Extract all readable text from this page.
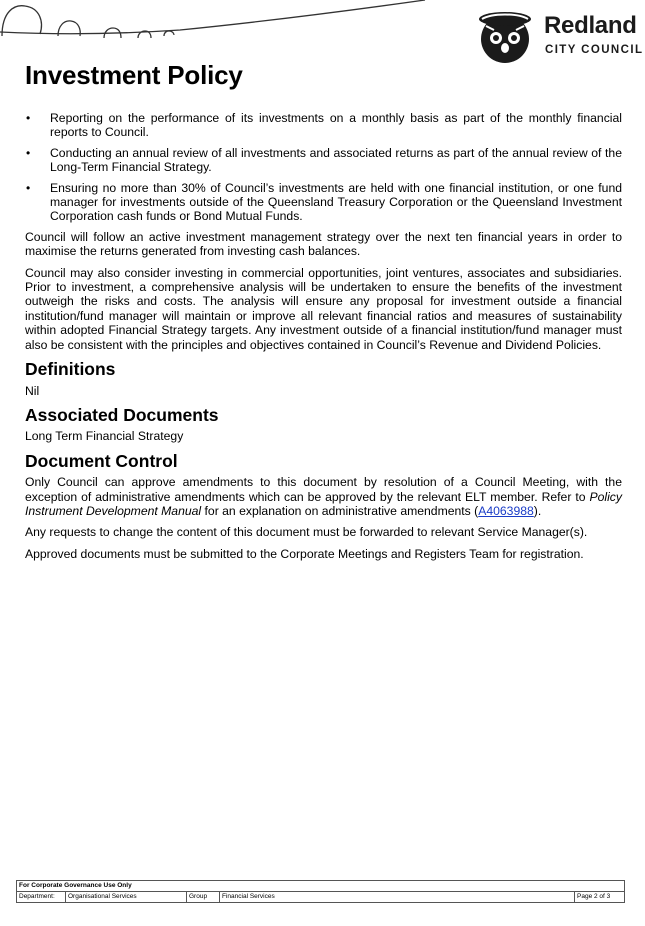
Redland
CITY COUNCIL
Investment Policy
• Reporting on the performance of its investments on a monthly basis as part of the monthly financial reports to Council.
• Conducting an annual review of all investments and associated returns as part of the annual review of the Long-Term Financial Strategy.
• Ensuring no more than 30% of Council’s investments are held with one financial institution, or one fund manager for investments outside of the Queensland Treasury Corporation or the Queensland Investment Corporation cash funds or Bond Mutual Funds.

Council will follow an active investment management strategy over the next ten financial years in order to maximise the returns generated from investing cash balances.

Council may also consider investing in commercial opportunities, joint ventures, associates and subsidiaries. Prior to investment, a comprehensive analysis will be undertaken to ensure the benefits of the investment outweigh the risks and costs. The analysis will ensure any proposal for investment outside a financial institution/fund manager will maintain or improve all relevant financial ratios and measures of sustainability within adopted Financial Strategy targets. Any investment outside of a financial institution/fund manager must also be consistent with the principles and objectives contained in Council’s Revenue and Dividend Policies.

Definitions

Nil

Associated Documents

Long Term Financial Strategy

Document Control

Only Council can approve amendments to this document by resolution of a Council Meeting, with the exception of administrative amendments which can be approved by the relevant ELT member. Refer to Policy Instrument Development Manual for an explanation on administrative amendments (A4063988).

Any requests to change the content of this document must be forwarded to relevant Service Manager(s).

Approved documents must be submitted to the Corporate Meetings and Registers Team for registration.

For Corporate Governance Use Only
Department:	Organisational Services	Group	Financial Services	Page 2 of 3
